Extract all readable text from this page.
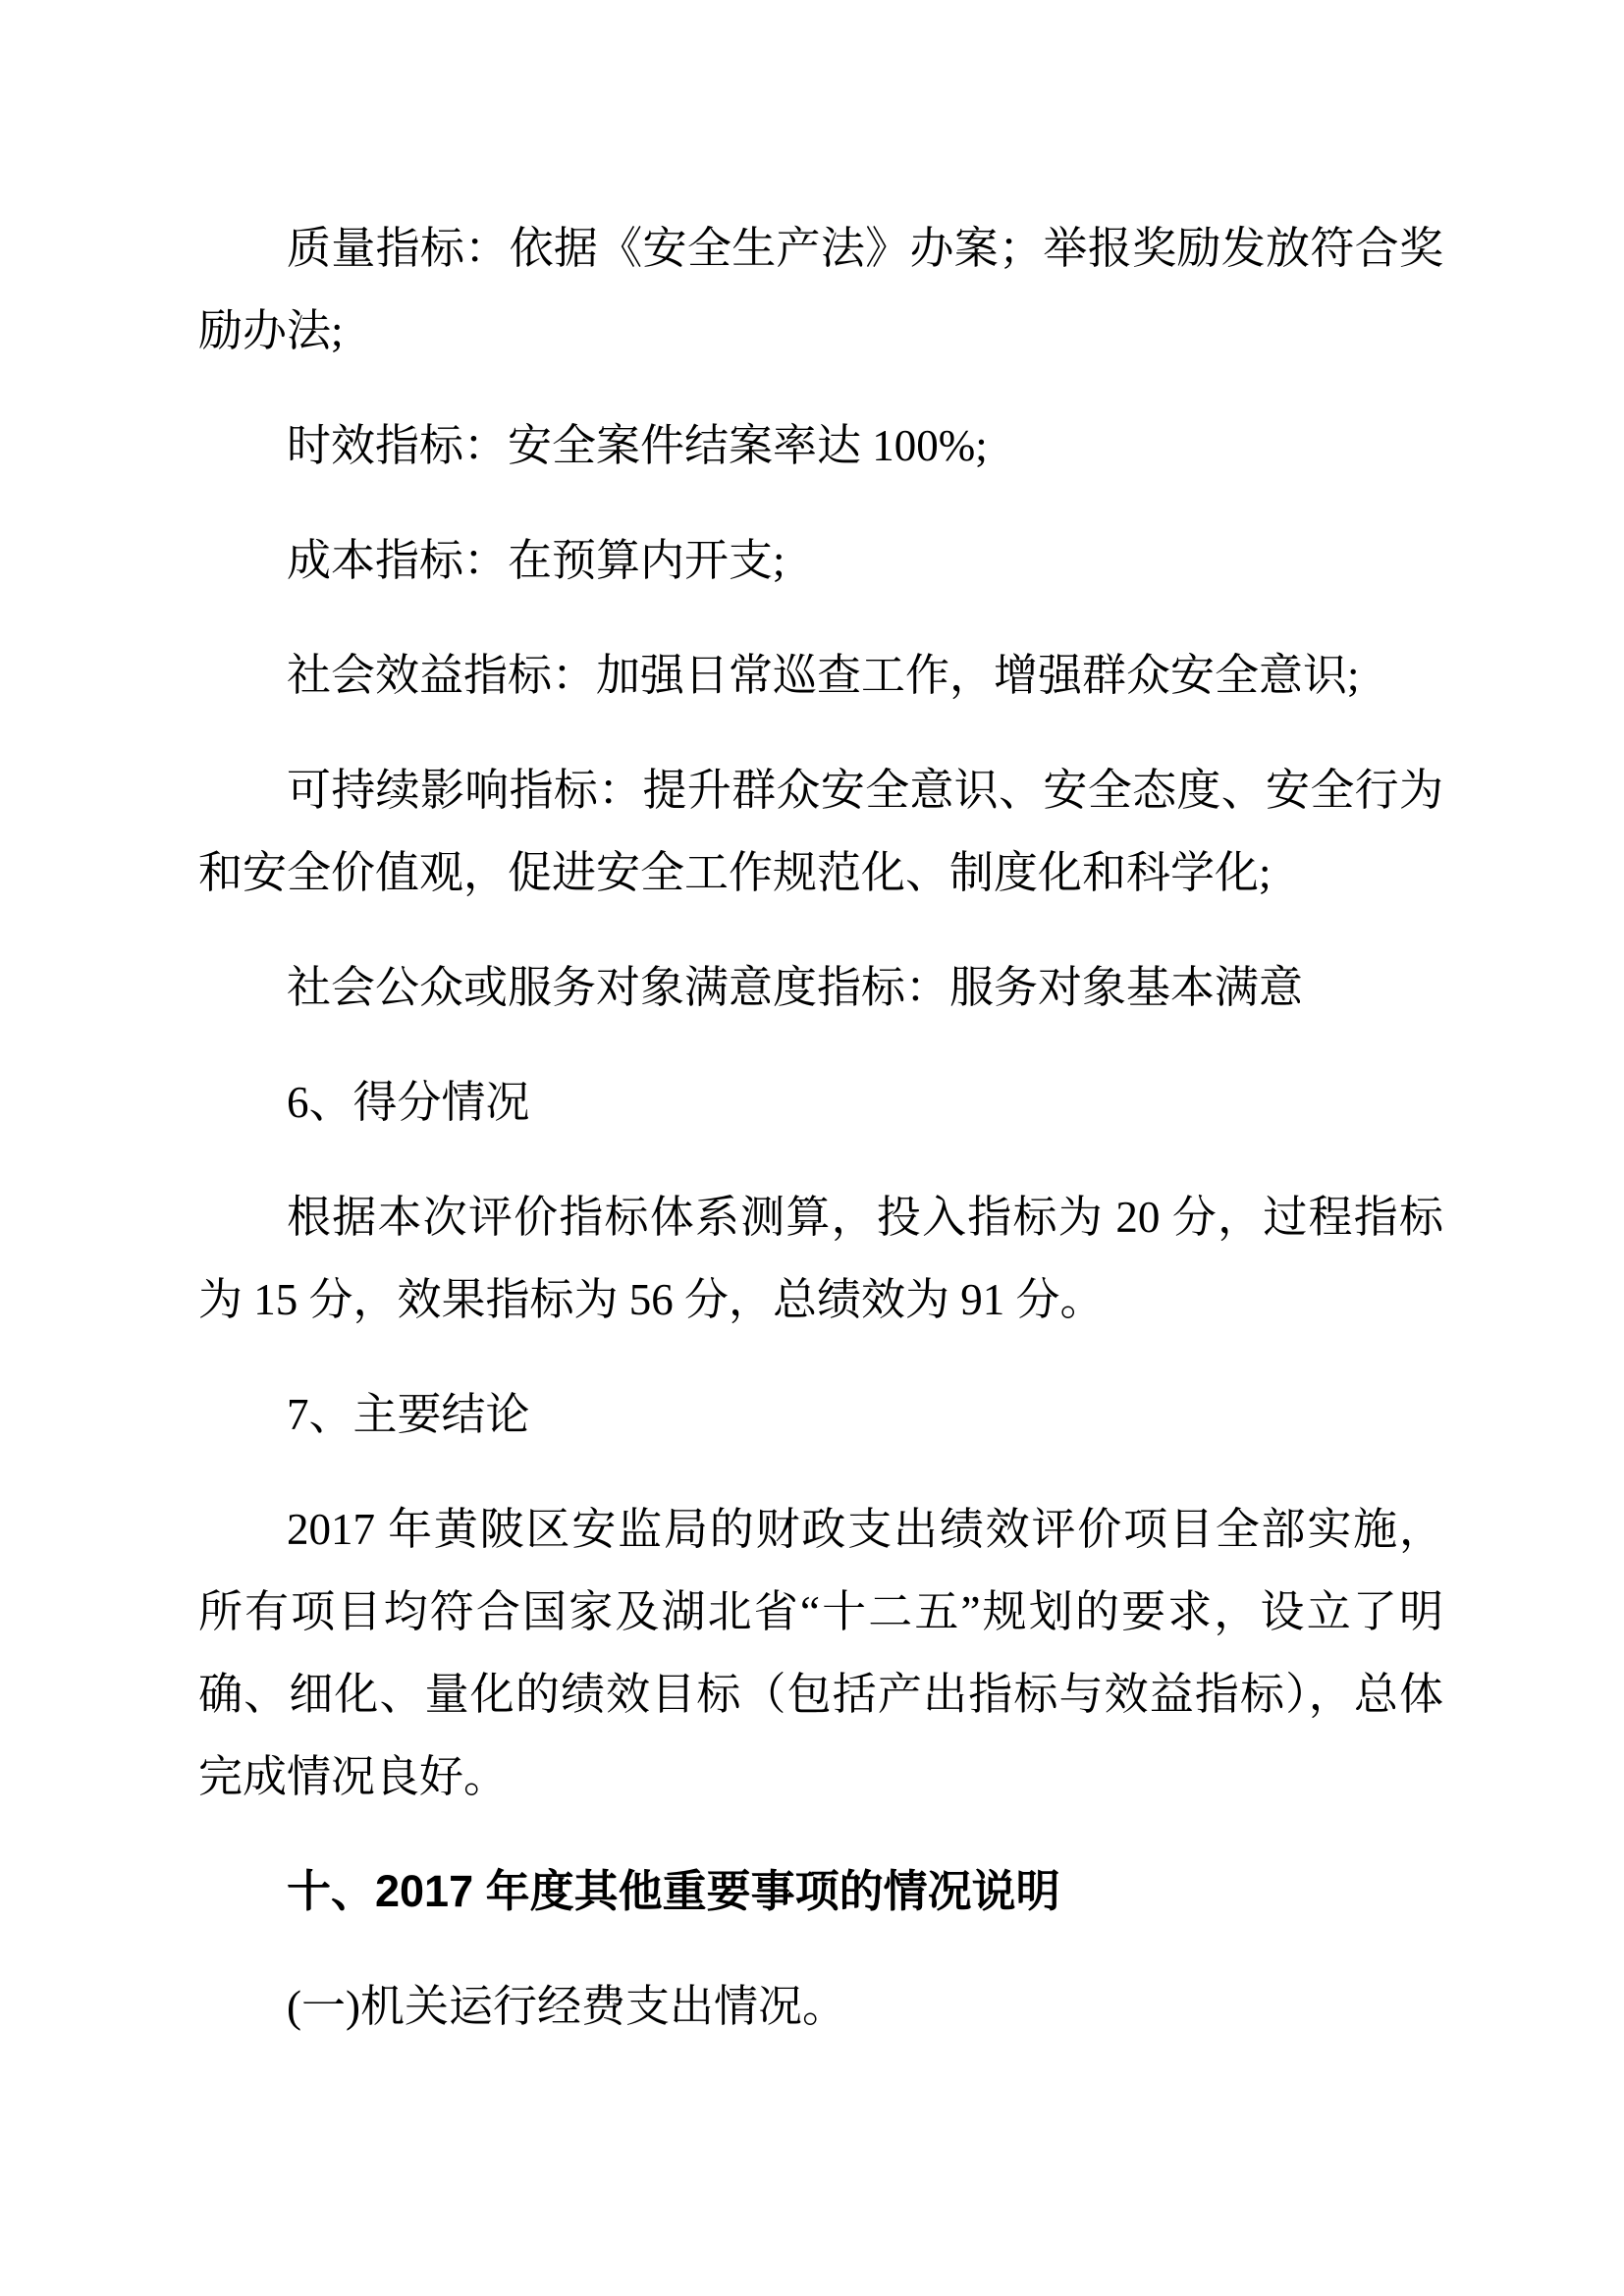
质量指标：依据《安全生产法》办案；举报奖励发放符合奖
励办法;

时效指标：安全案件结案率达 100%;

成本指标：在预算内开支;

社会效益指标：加强日常巡查工作，增强群众安全意识;

可持续影响指标：提升群众安全意识、安全态度、安全行为
和安全价值观，促进安全工作规范化、制度化和科学化;

社会公众或服务对象满意度指标：服务对象基本满意

6、得分情况

根据本次评价指标体系测算，投入指标为 20 分，过程指标
为 15 分，效果指标为 56 分，总绩效为 91 分。

7、主要结论

2017 年黄陂区安监局的财政支出绩效评价项目全部实施，
所有项目均符合国家及湖北省“十二五”规划的要求，设立了明
确、细化、量化的绩效目标（包括产出指标与效益指标），总体
完成情况良好。

十、2017 年度其他重要事项的情况说明

(一)机关运行经费支出情况。
